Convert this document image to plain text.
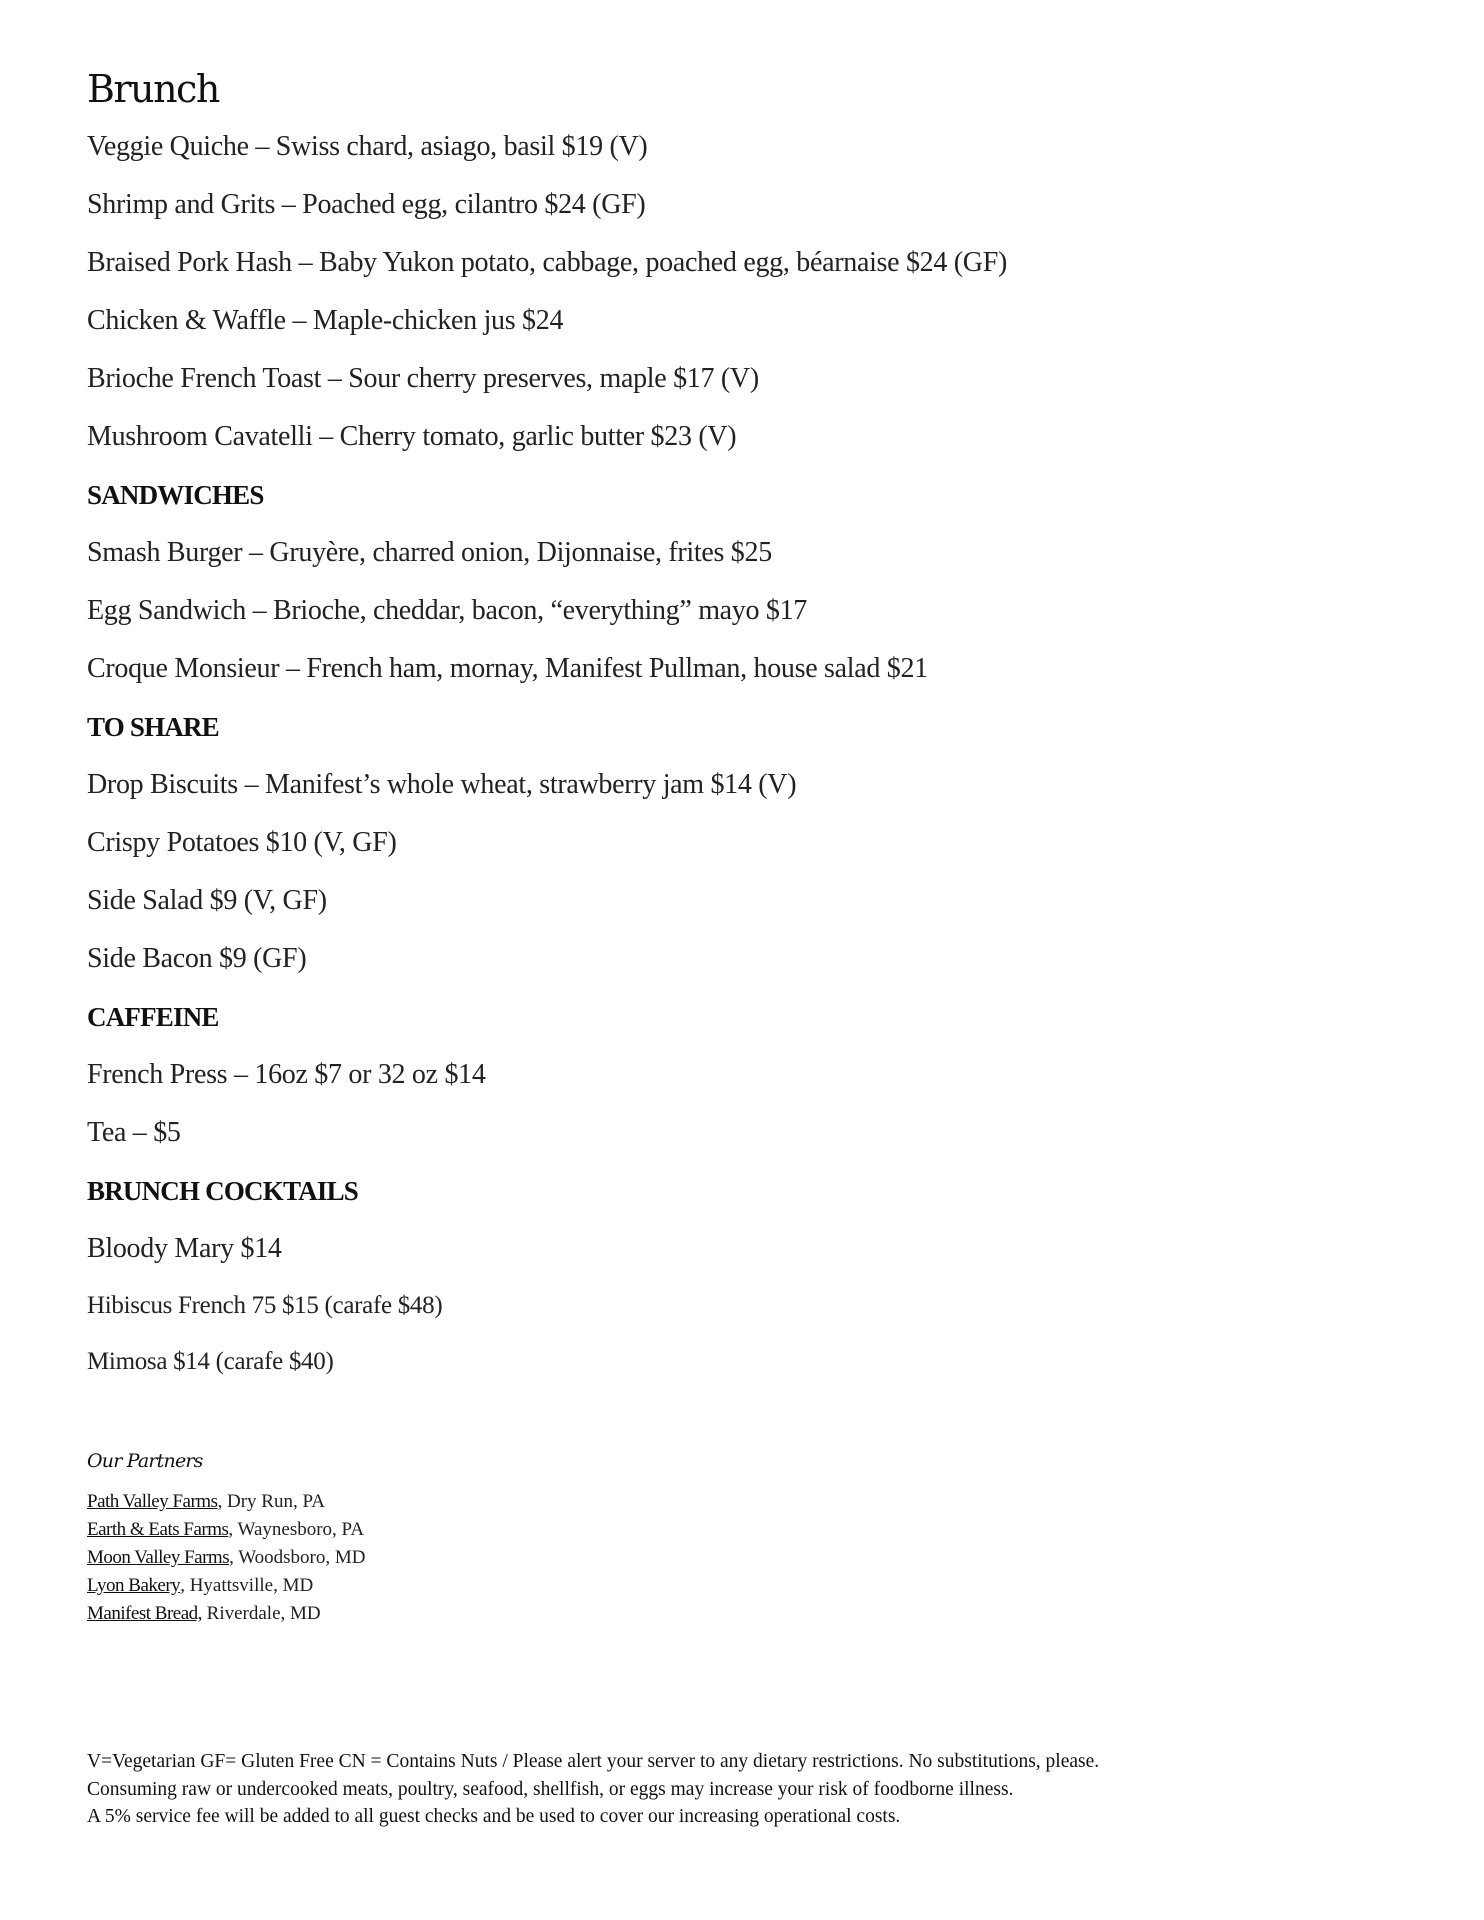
Brunch
Veggie Quiche – Swiss chard, asiago, basil $19 (V)
Shrimp and Grits – Poached egg, cilantro $24 (GF)
Braised Pork Hash – Baby Yukon potato, cabbage, poached egg, béarnaise $24 (GF)
Chicken & Waffle – Maple-chicken jus $24
Brioche French Toast – Sour cherry preserves, maple $17 (V)
Mushroom Cavatelli – Cherry tomato, garlic butter $23 (V)
SANDWICHES
Smash Burger – Gruyère, charred onion, Dijonnaise, frites $25
Egg Sandwich – Brioche, cheddar, bacon, “everything” mayo $17
Croque Monsieur – French ham, mornay, Manifest Pullman, house salad $21
TO SHARE
Drop Biscuits – Manifest’s whole wheat, strawberry jam $14 (V)
Crispy Potatoes $10 (V, GF)
Side Salad $9 (V, GF)
Side Bacon $9 (GF)
CAFFEINE
French Press – 16oz $7 or 32 oz $14
Tea – $5
BRUNCH COCKTAILS
Bloody Mary $14
Hibiscus French 75 $15 (carafe $48)
Mimosa $14 (carafe $40)
Our Partners
Path Valley Farms, Dry Run, PA
Earth & Eats Farms, Waynesboro, PA
Moon Valley Farms, Woodsboro, MD
Lyon Bakery, Hyattsville, MD
Manifest Bread, Riverdale, MD
V=Vegetarian GF= Gluten Free CN = Contains Nuts / Please alert your server to any dietary restrictions. No substitutions, please.
Consuming raw or undercooked meats, poultry, seafood, shellfish, or eggs may increase your risk of foodborne illness.
A 5% service fee will be added to all guest checks and be used to cover our increasing operational costs.
